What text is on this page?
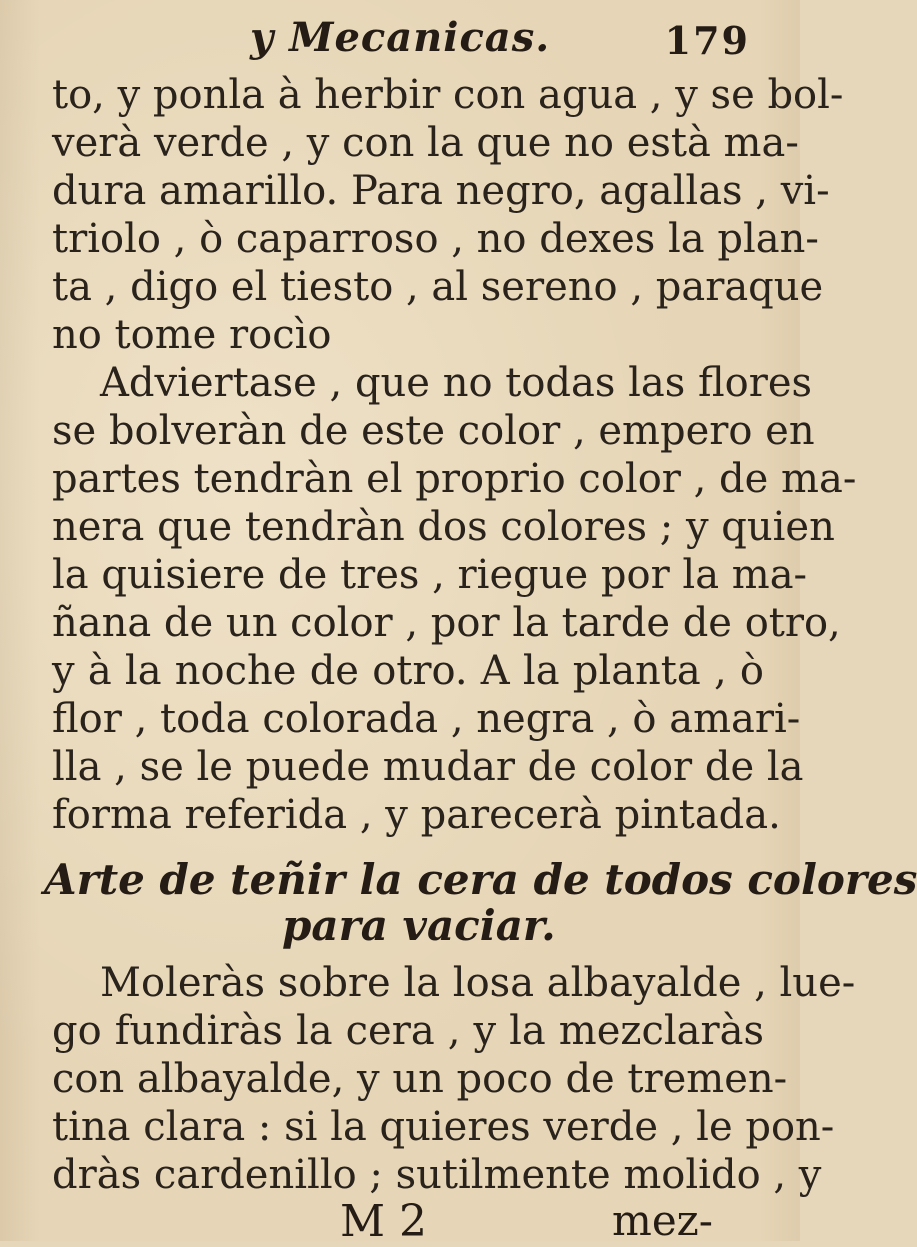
y Mecanicas.	179
to, y ponla à herbir con agua , y se bol-
verà verde , y con la que no està ma-
dura amarillo. Para negro, agallas , vi-
triolo , ò caparroso , no dexes la plan-
ta , digo el tiesto , al sereno , paraque
no tome rocìo
Adviertase , que no todas las flores
se bolveràn de este color , empero en
partes tendràn el proprio color , de ma-
nera que tendràn dos colores ; y quien
la quisiere de tres , riegue por la ma-
ñana de un color , por la tarde de otro,
y à la noche de otro. A la planta , ò
flor , toda colorada , negra , ò amari-
lla , se le puede mudar de color de la
forma referida , y parecerà pintada.
Arte de teñir la cera de todos colores
para vaciar.
Moleràs sobre la losa albayalde , lue-
go fundiràs la cera , y la mezclaràs
con albayalde, y un poco de tremen-
tina clara : si la quieres verde , le pon-
dràs cardenillo ; sutilmente molido , y
M 2	mez-
